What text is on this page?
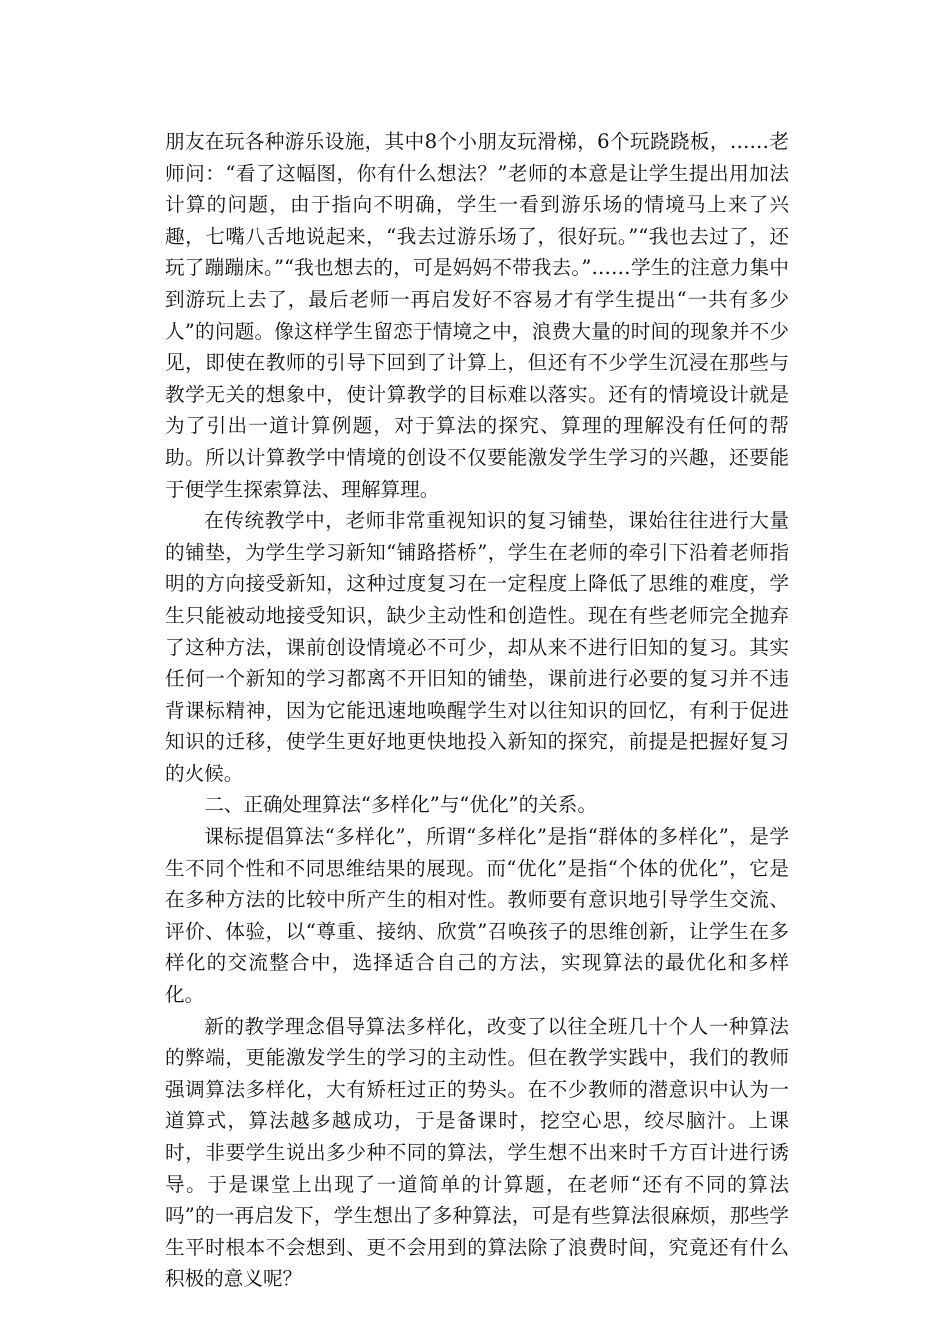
朋友在玩各种游乐设施，其中8个小朋友玩滑梯，6个玩跷跷板，……老师问：“看了这幅图，你有什么想法？”老师的本意是让学生提出用加法计算的问题，由于指向不明确，学生一看到游乐场的情境马上来了兴趣，七嘴八舌地说起来，“我去过游乐场了，很好玩。”“我也去过了，还玩了蹦蹦床。”“我也想去的，可是妈妈不带我去。”……学生的注意力集中到游玩上去了，最后老师一再启发好不容易才有学生提出“一共有多少人”的问题。像这样学生留恋于情境之中，浪费大量的时间的现象并不少见，即使在教师的引导下回到了计算上，但还有不少学生沉浸在那些与教学无关的想象中，使计算教学的目标难以落实。还有的情境设计就是为了引出一道计算例题，对于算法的探究、算理的理解没有任何的帮助。所以计算教学中情境的创设不仅要能激发学生学习的兴趣，还要能于便学生探索算法、理解算理。

在传统教学中，老师非常重视知识的复习铺垫，课始往往进行大量的铺垫，为学生学习新知“铺路搭桥”，学生在老师的牵引下沿着老师指明的方向接受新知，这种过度复习在一定程度上降低了思维的难度，学生只能被动地接受知识，缺少主动性和创造性。现在有些老师完全抛弃了这种方法，课前创设情境必不可少，却从来不进行旧知的复习。其实任何一个新知的学习都离不开旧知的铺垫，课前进行必要的复习并不违背课标精神，因为它能迅速地唤醒学生对以往知识的回忆，有利于促进知识的迁移，使学生更好地更快地投入新知的探究，前提是把握好复习的火候。

二、正确处理算法“多样化”与“优化”的关系。

课标提倡算法“多样化”，所谓“多样化”是指“群体的多样化”，是学生不同个性和不同思维结果的展现。而“优化”是指“个体的优化”，它是在多种方法的比较中所产生的相对性。教师要有意识地引导学生交流、评价、体验，以“尊重、接纳、欣赏”召唤孩子的思维创新，让学生在多样化的交流整合中，选择适合自己的方法，实现算法的最优化和多样化。

新的教学理念倡导算法多样化，改变了以往全班几十个人一种算法的弊端，更能激发学生的学习的主动性。但在教学实践中，我们的教师强调算法多样化，大有矫枉过正的势头。在不少教师的潜意识中认为一道算式，算法越多越成功，于是备课时，挖空心思，绞尽脑汁。上课时，非要学生说出多少种不同的算法，学生想不出来时千方百计进行诱导。于是课堂上出现了一道简单的计算题，在老师“还有不同的算法吗”的一再启发下，学生想出了多种算法，可是有些算法很麻烦，那些学生平时根本不会想到、更不会用到的算法除了浪费时间，究竟还有什么积极的意义呢？
